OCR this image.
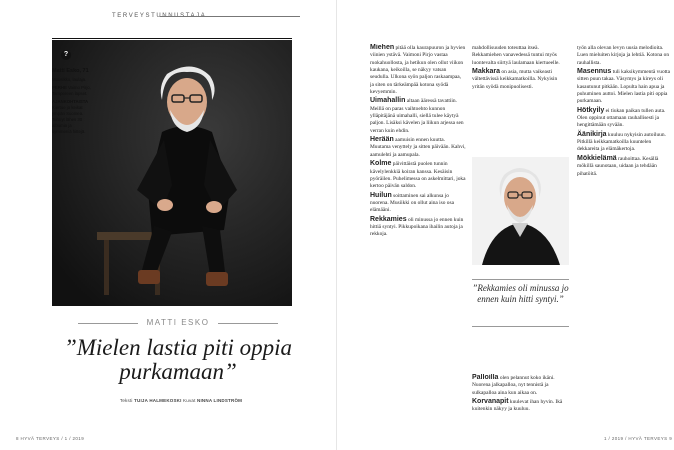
TERVEYSTUNNUSTAJA
?
Matti Esko, 71

Muusikko, laulaja.

PERHE Vaimo Pirjo, Tampereen lapset.

AJANKOHTAISTA Kiertue ja keikat ympäri Suomea. Tehnyt lähes 30 albumia ja kymmeniä hittejä.

MATTI ESKO
”Mielen lastia piti oppia purkamaan”
Teksti TUIJA HALMEKOSKI Kuvat NINNA LINDSTRÖM

Miehen pitää olla kaurapuuron ja hyvien viinien ystävä. Vaimoni Pirjo vastaa ruokahuollosta, ja hetikun olen ollut viikon kaukana, keikoilla, se näkyy vatsan seudulla. Ulkona syön paljon raskaampaa, ja siten on tärkeämpää kotona syödä kevyemmin.

Uimahallin altaan ääressä tavattiin. Meillä on paras vaihtoehto kunnon ylläpitäjänä uimahalli, siellä tulee käytyä paljon. Lisäksi kävelen ja liikun arjessa sen verran kuin ehdin.

Herään aamuisin ennen kuutta. Muutama venyttely ja sitten päivään. Kahvi, aamulehti ja aamupala.

Kolme päivittäistä puolen tunnin kävelylenkkiä koiran kanssa. Kesäisin pyöräilen. Puhelimessa on askelmittari, joka kertoo päivän saldon.

Huilun soittaminen sai alkunsa jo nuorena. Musiikki on ollut aina iso osa elämääni.

Rekkamies oli minussa jo ennen kuin hittiä syntyi. Pikkupoikana ihailin autoja ja rekkoja.

mahdollisuuden toteuttaa itseä. Rekkamiehen vanavedessä tuntui myös luontevalta siirtyä laulamaan kiertueelle.

Makkara on asia, mutta vaikeasti vältettävissä keikkamatkoilla. Nykyisin yritän syödä monipuolisesti.

”Rekkamies oli minussa jo ennen kuin hitti syntyi.”

Palloilla olen pelannut koko ikäni. Nuorena jalkapalloa, nyt tennistä ja sulkapalloa aina kun aikaa on.

Korvanapit kuulevat ihan hyvin. Ikä kuitenkin näkyy ja kuuluu.

työn alla olevan levyn uusia melodioita. Luen mieluiten kirjoja ja lehtiä. Kotona on rauhallista.

Masennus tuli kaksikymmentä vuotta sitten puun takaa. Väsymys ja kireys oli kasautunut pitkään. Lopulta hain apua ja puhuminen auttoi. Mielen lastia piti oppia purkamaan.

Hötkyily ei tiukan paikan tullen auta. Olen oppinut ottamaan rauhallisesti ja hengittämään syvään.

Äänikirja kuuluu nykyisin autoiluun. Pitkillä keikkamatkoilla kuuntelen dekkareita ja elämäkertoja.

Mökkielämä rauhoittaa. Kesällä mökillä saunotaan, uidaan ja tehdään pihatöitä.

8 HYVÄ TERVEYS / 1 / 2019	1 / 2019 / HYVÄ TERVEYS 9
